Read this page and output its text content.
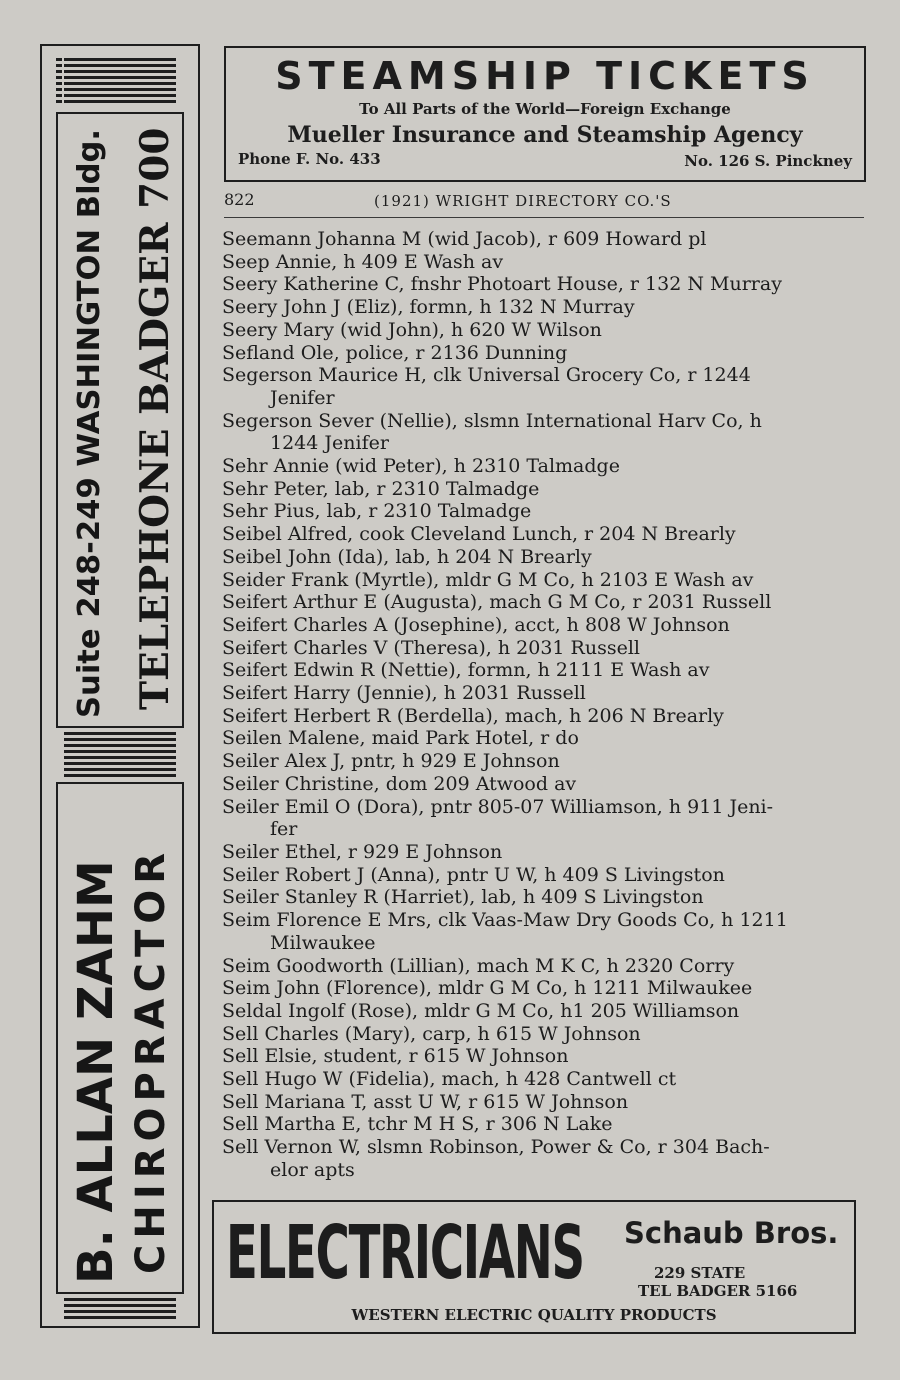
Suite 248-249 WASHINGTON Bldg. TELEPHONE BADGER 700
B. ALLAN ZAHM CHIROPRACTOR
STEAMSHIP TICKETS
To All Parts of the World—Foreign Exchange
Mueller Insurance and Steamship Agency
Phone F. No. 433	No. 126 S. Pinckney
822	(1921) WRIGHT DIRECTORY CO.'S
Seemann Johanna M (wid Jacob), r 609 Howard pl
Seep Annie, h 409 E Wash av
Seery Katherine C, fnshr Photoart House, r 132 N Murray
Seery John J (Eliz), formn, h 132 N Murray
Seery Mary (wid John), h 620 W Wilson
Sefland Ole, police, r 2136 Dunning
Segerson Maurice H, clk Universal Grocery Co, r 1244
Jenifer
Segerson Sever (Nellie), slsmn International Harv Co, h
1244 Jenifer
Sehr Annie (wid Peter), h 2310 Talmadge
Sehr Peter, lab, r 2310 Talmadge
Sehr Pius, lab, r 2310 Talmadge
Seibel Alfred, cook Cleveland Lunch, r 204 N Brearly
Seibel John (Ida), lab, h 204 N Brearly
Seider Frank (Myrtle), mldr G M Co, h 2103 E Wash av
Seifert Arthur E (Augusta), mach G M Co, r 2031 Russell
Seifert Charles A (Josephine), acct, h 808 W Johnson
Seifert Charles V (Theresa), h 2031 Russell
Seifert Edwin R (Nettie), formn, h 2111 E Wash av
Seifert Harry (Jennie), h 2031 Russell
Seifert Herbert R (Berdella), mach, h 206 N Brearly
Seilen Malene, maid Park Hotel, r do
Seiler Alex J, pntr, h 929 E Johnson
Seiler Christine, dom 209 Atwood av
Seiler Emil O (Dora), pntr 805-07 Williamson, h 911 Jeni-
fer
Seiler Ethel, r 929 E Johnson
Seiler Robert J (Anna), pntr U W, h 409 S Livingston
Seiler Stanley R (Harriet), lab, h 409 S Livingston
Seim Florence E Mrs, clk Vaas-Maw Dry Goods Co, h 1211
Milwaukee
Seim Goodworth (Lillian), mach M K C, h 2320 Corry
Seim John (Florence), mldr G M Co, h 1211 Milwaukee
Seldal Ingolf (Rose), mldr G M Co, h1 205 Williamson
Sell Charles (Mary), carp, h 615 W Johnson
Sell Elsie, student, r 615 W Johnson
Sell Hugo W (Fidelia), mach, h 428 Cantwell ct
Sell Mariana T, asst U W, r 615 W Johnson
Sell Martha E, tchr M H S, r 306 N Lake
Sell Vernon W, slsmn Robinson, Power & Co, r 304 Bach-
elor apts
ELECTRICIANS Schaub Bros.
229 STATE
TEL BADGER 5166
WESTERN ELECTRIC QUALITY PRODUCTS
